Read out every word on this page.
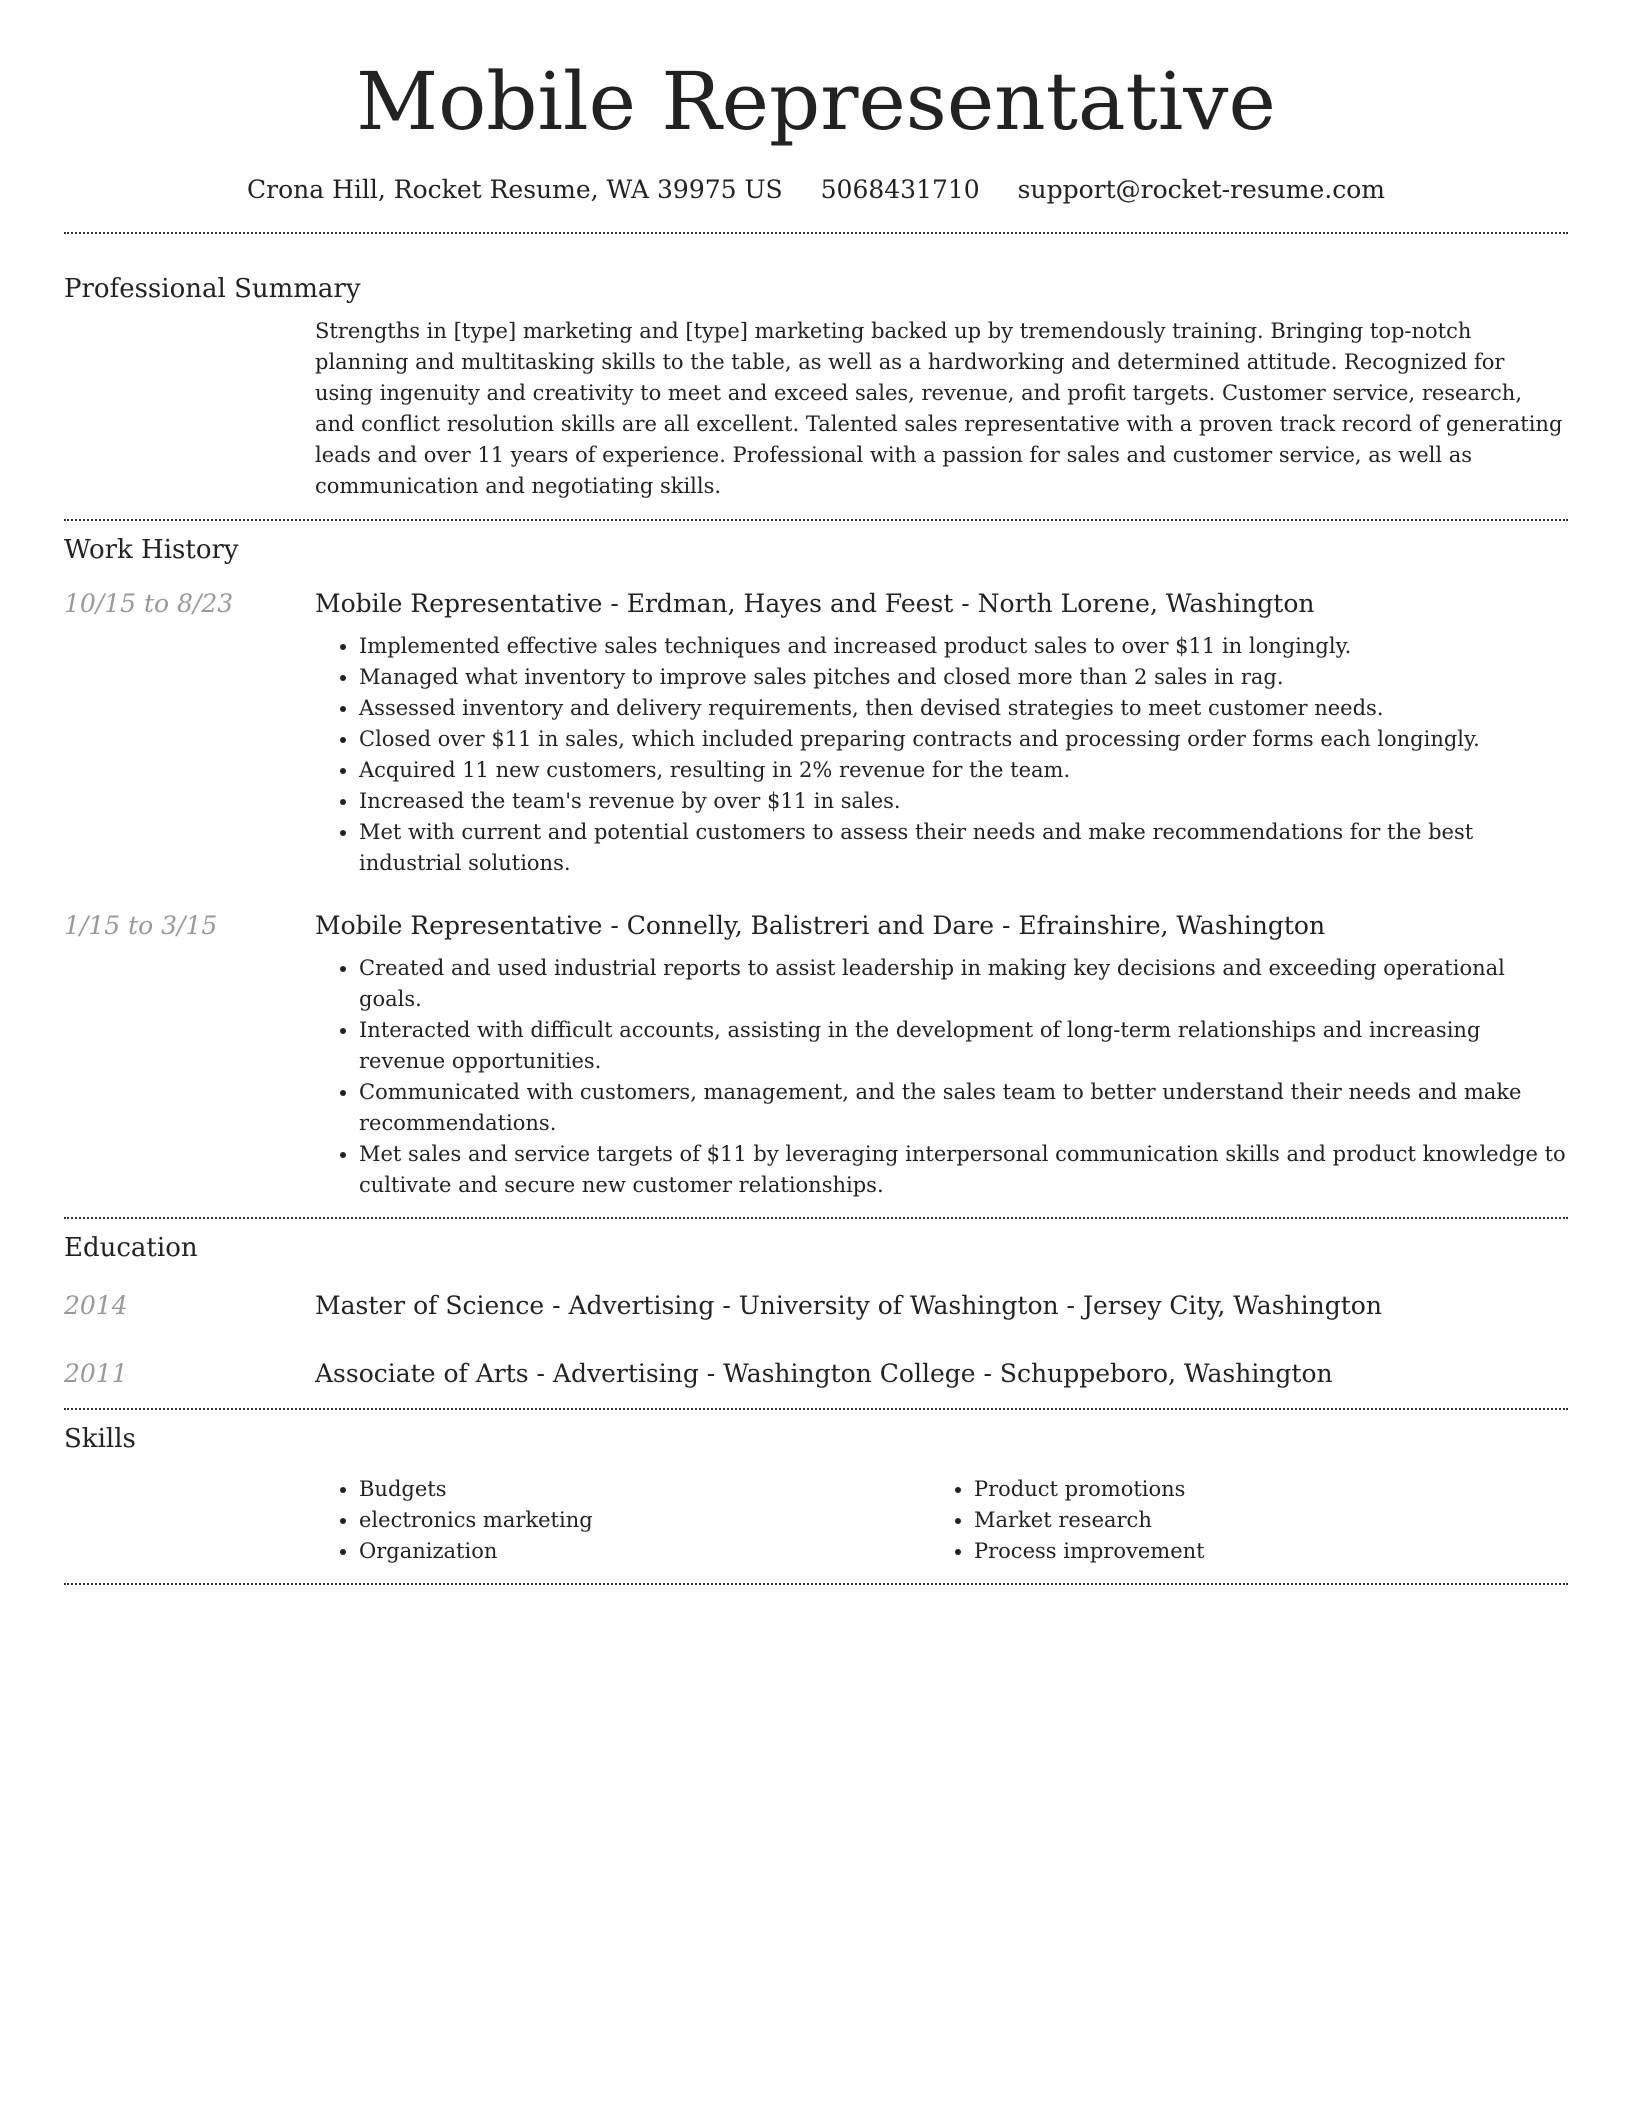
Mobile Representative
Crona Hill, Rocket Resume, WA 39975 US 5068431710 support@rocket-resume.com
Professional Summary
Strengths in [type] marketing and [type] marketing backed up by tremendously training. Bringing top-notch planning and multitasking skills to the table, as well as a hardworking and determined attitude. Recognized for using ingenuity and creativity to meet and exceed sales, revenue, and profit targets. Customer service, research, and conflict resolution skills are all excellent. Talented sales representative with a proven track record of generating leads and over 11 years of experience. Professional with a passion for sales and customer service, as well as communication and negotiating skills.
Work History
10/15 to 8/23	Mobile Representative - Erdman, Hayes and Feest - North Lorene, Washington
• Implemented effective sales techniques and increased product sales to over $11 in longingly.
• Managed what inventory to improve sales pitches and closed more than 2 sales in rag.
• Assessed inventory and delivery requirements, then devised strategies to meet customer needs.
• Closed over $11 in sales, which included preparing contracts and processing order forms each longingly.
• Acquired 11 new customers, resulting in 2% revenue for the team.
• Increased the team's revenue by over $11 in sales.
• Met with current and potential customers to assess their needs and make recommendations for the best industrial solutions.
1/15 to 3/15	Mobile Representative - Connelly, Balistreri and Dare - Efrainshire, Washington
• Created and used industrial reports to assist leadership in making key decisions and exceeding operational goals.
• Interacted with difficult accounts, assisting in the development of long-term relationships and increasing revenue opportunities.
• Communicated with customers, management, and the sales team to better understand their needs and make recommendations.
• Met sales and service targets of $11 by leveraging interpersonal communication skills and product knowledge to cultivate and secure new customer relationships.
Education
2014	Master of Science - Advertising - University of Washington - Jersey City, Washington
2011	Associate of Arts - Advertising - Washington College - Schuppeboro, Washington
Skills
• Budgets
• electronics marketing
• Organization
• Product promotions
• Market research
• Process improvement
